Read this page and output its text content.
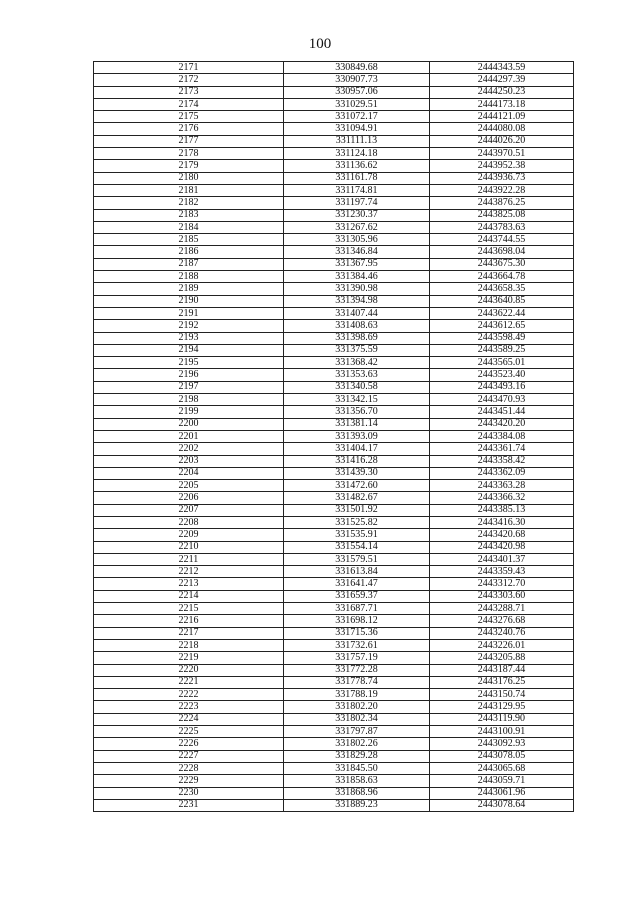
100
2171	330849.68	2444343.59
2172	330907.73	2444297.39
2173	330957.06	2444250.23
2174	331029.51	2444173.18
2175	331072.17	2444121.09
2176	331094.91	2444080.08
2177	331111.13	2444026.20
2178	331124.18	2443970.51
2179	331136.62	2443952.38
2180	331161.78	2443936.73
2181	331174.81	2443922.28
2182	331197.74	2443876.25
2183	331230.37	2443825.08
2184	331267.62	2443783.63
2185	331305.96	2443744.55
2186	331346.84	2443698.04
2187	331367.95	2443675.30
2188	331384.46	2443664.78
2189	331390.98	2443658.35
2190	331394.98	2443640.85
2191	331407.44	2443622.44
2192	331408.63	2443612.65
2193	331398.69	2443598.49
2194	331375.59	2443589.25
2195	331368.42	2443565.01
2196	331353.63	2443523.40
2197	331340.58	2443493.16
2198	331342.15	2443470.93
2199	331356.70	2443451.44
2200	331381.14	2443420.20
2201	331393.09	2443384.08
2202	331404.17	2443361.74
2203	331416.28	2443358.42
2204	331439.30	2443362.09
2205	331472.60	2443363.28
2206	331482.67	2443366.32
2207	331501.92	2443385.13
2208	331525.82	2443416.30
2209	331535.91	2443420.68
2210	331554.14	2443420.98
2211	331579.51	2443401.37
2212	331613.84	2443359.43
2213	331641.47	2443312.70
2214	331659.37	2443303.60
2215	331687.71	2443288.71
2216	331698.12	2443276.68
2217	331715.36	2443240.76
2218	331732.61	2443226.01
2219	331757.19	2443205.88
2220	331772.28	2443187.44
2221	331778.74	2443176.25
2222	331788.19	2443150.74
2223	331802.20	2443129.95
2224	331802.34	2443119.90
2225	331797.87	2443100.91
2226	331802.26	2443092.93
2227	331829.28	2443078.05
2228	331845.50	2443065.68
2229	331858.63	2443059.71
2230	331868.96	2443061.96
2231	331889.23	2443078.64
